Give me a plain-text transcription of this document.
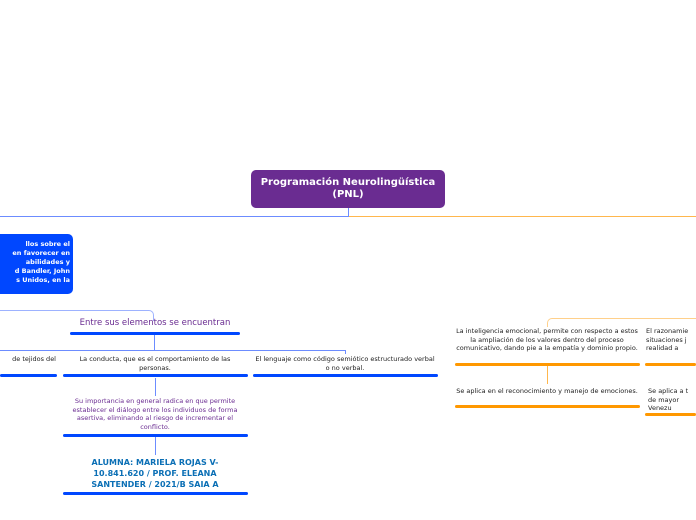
Programación Neurolingüística (PNL)
llos sobre el
en favorecer en
abilidades y
d Bandler, John
s Unidos, en la
Entre sus elementos se encuentran
de tejidos del	La conducta, que es el comportamiento de las personas.
El lenguaje como código semiótico estructurado verbal o no verbal.
Su importancia en general radica en que permite establecer el diálogo entre los individuos de forma asertiva, eliminando al riesgo de incrementar el conflicto.
ALUMNA: MARIELA ROJAS V-10.841.620 / PROF. ELEANA SANTENDER / 2021/B SAIA A
La inteligencia emocional, permite con respecto a estos la ampliación de los valores dentro del proceso comunicativo, dando pie a la empatía y dominio propio.
El razonamie situaciones j realidad a
Se aplica en el reconocimiento y manejo de emociones. Se aplica a t de mayor Venezu
